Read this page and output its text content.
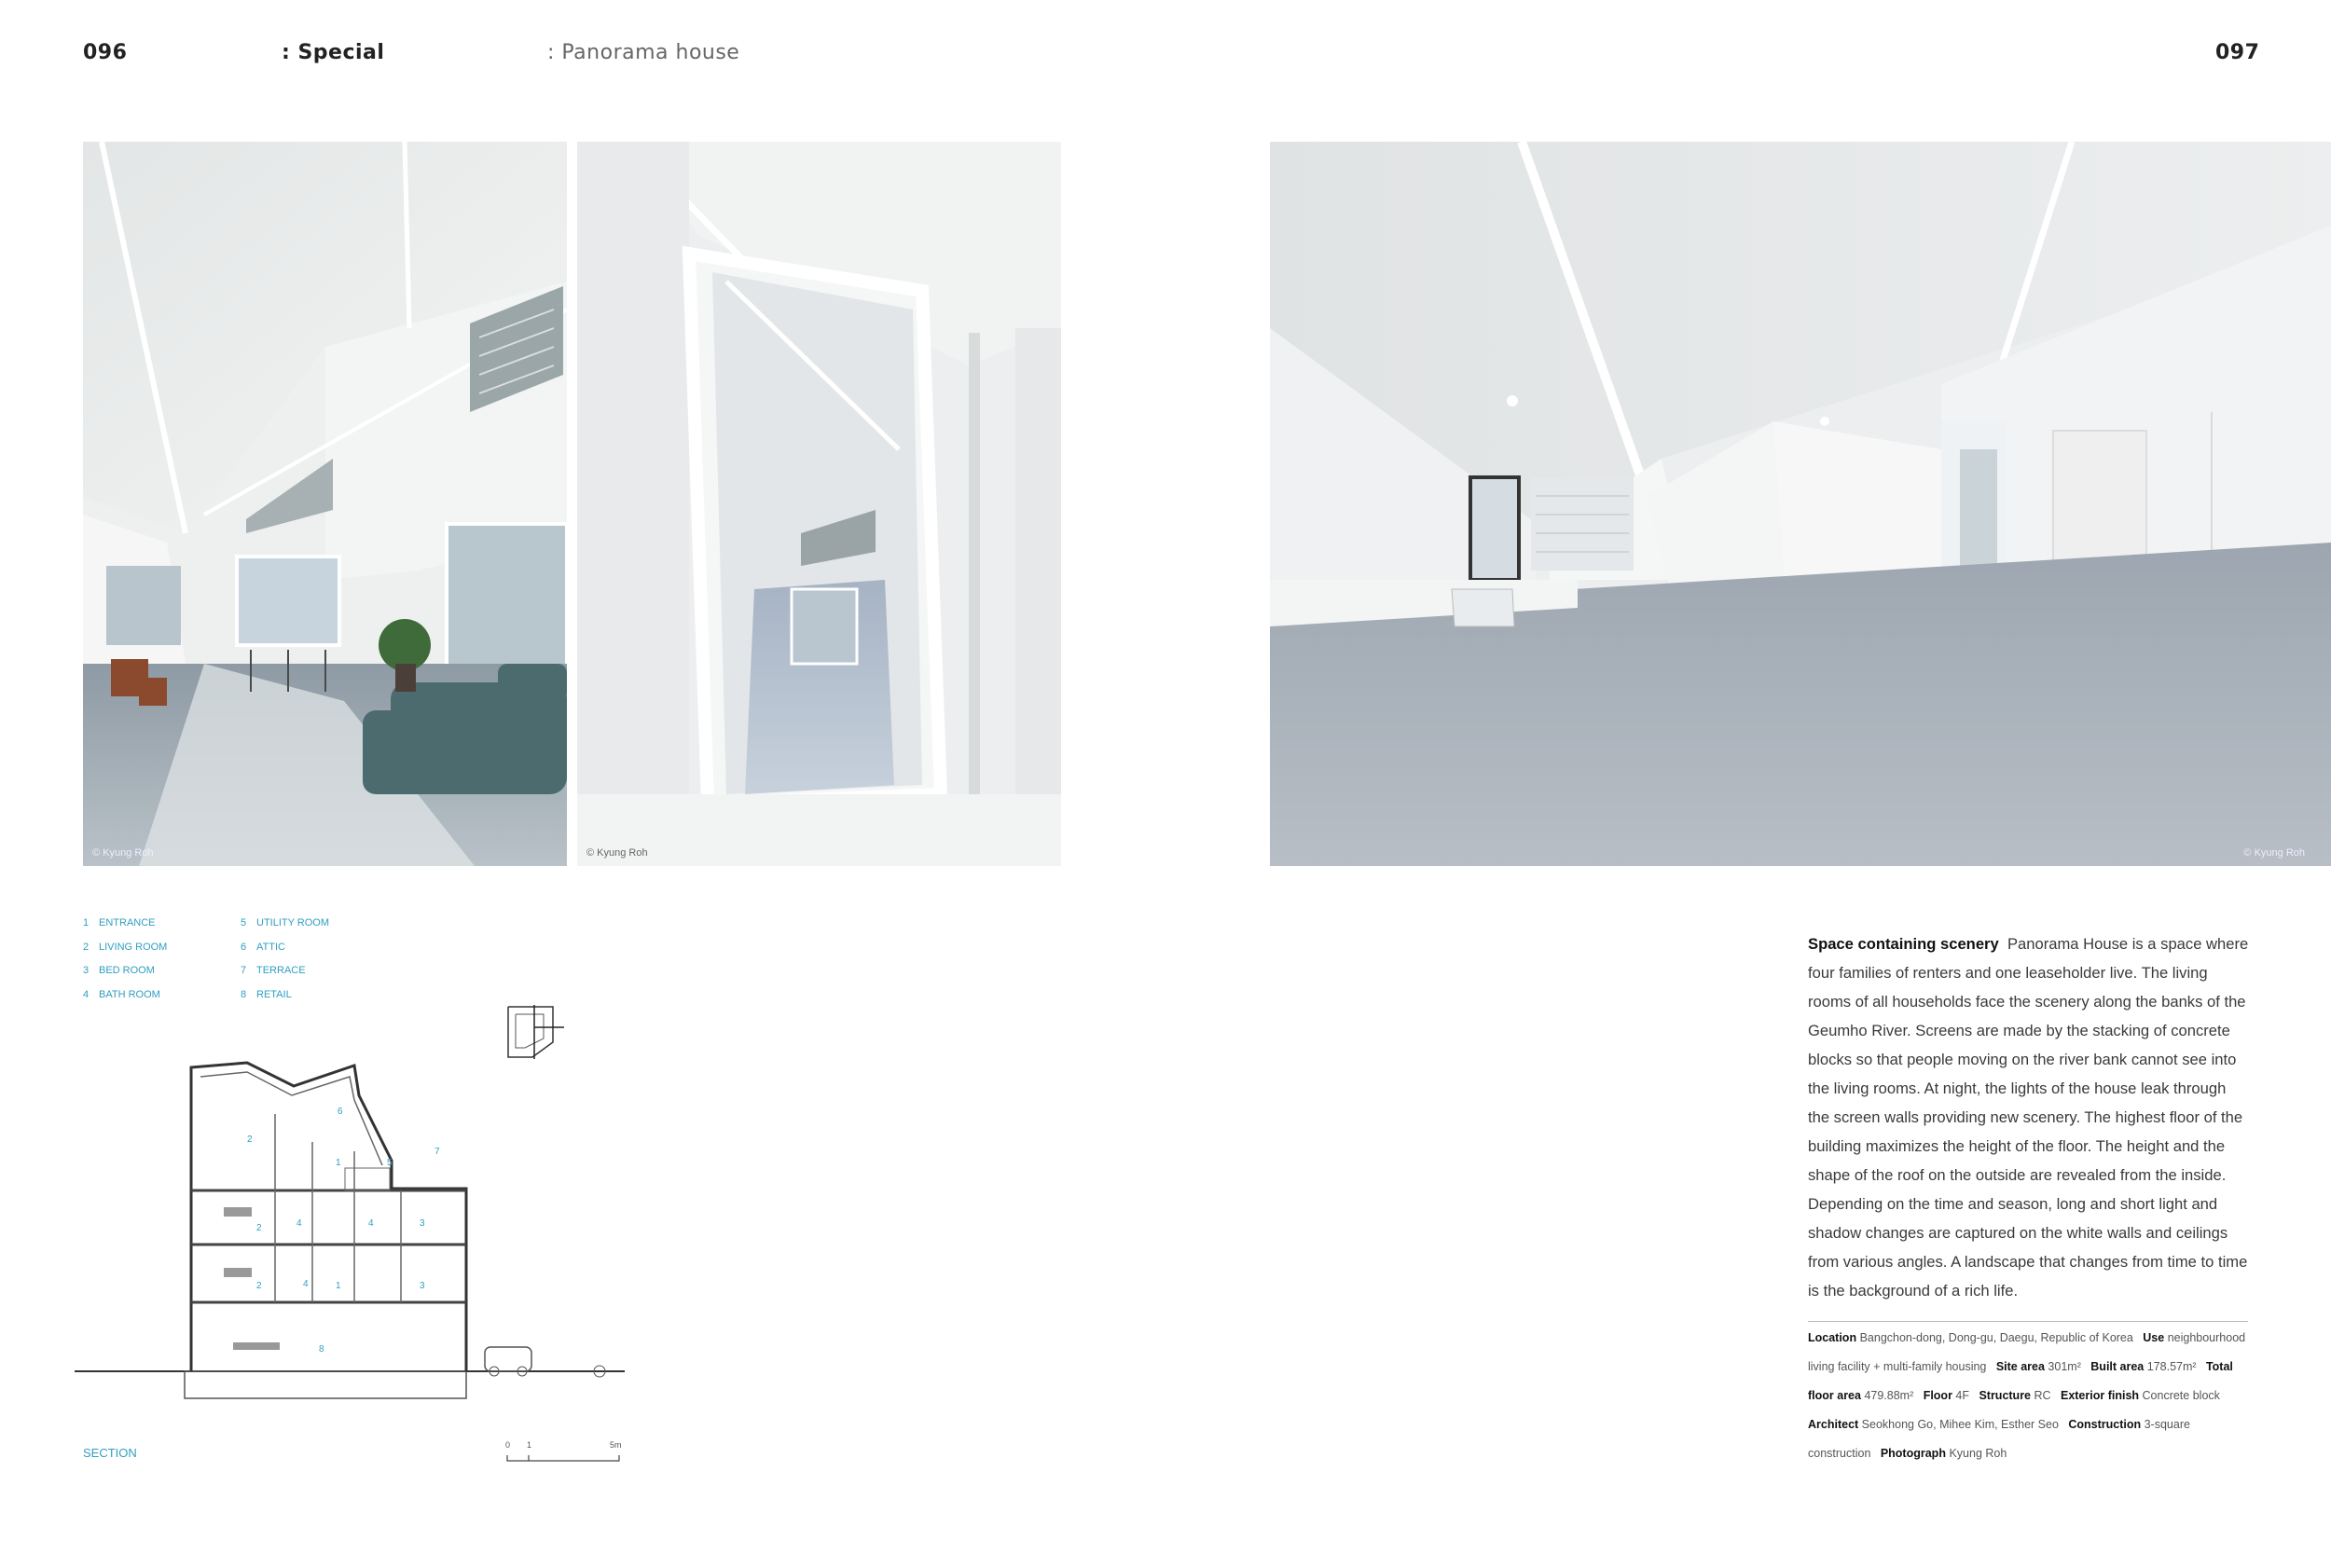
096	: Special	: Panorama house	097
© Kyung Roh	© Kyung Roh	© Kyung Roh
1 ENTRANCE
2 LIVING ROOM
3 BED ROOM
4 BATH ROOM
5 UTILITY ROOM
6 ATTIC
7 TERRACE
8 RETAIL
6
2
1	5
7
2	4	4	3
2	4	1	3
8
SECTION
0 1	5m
Space containing scenery Panorama House is a space where four families of renters and one leaseholder live. The living rooms of all households face the scenery along the banks of the Geumho River. Screens are made by the stacking of concrete blocks so that people moving on the river bank cannot see into the living rooms. At night, the lights of the house leak through the screen walls providing new scenery. The highest floor of the building maximizes the height of the floor. The height and the shape of the roof on the outside are revealed from the inside. Depending on the time and season, long and short light and shadow changes are captured on the white walls and ceilings from various angles. A landscape that changes from time to time is the background of a rich life.
Location Bangchon-dong, Dong-gu, Daegu, Republic of Korea Use neighbourhood living facility + multi-family housing Site area 301m² Built area 178.57m² Total floor area 479.88m² Floor 4F Structure RC Exterior finish Concrete block   Architect Seokhong Go, Mihee Kim, Esther Seo Construction 3-square construction Photograph Kyung Roh
